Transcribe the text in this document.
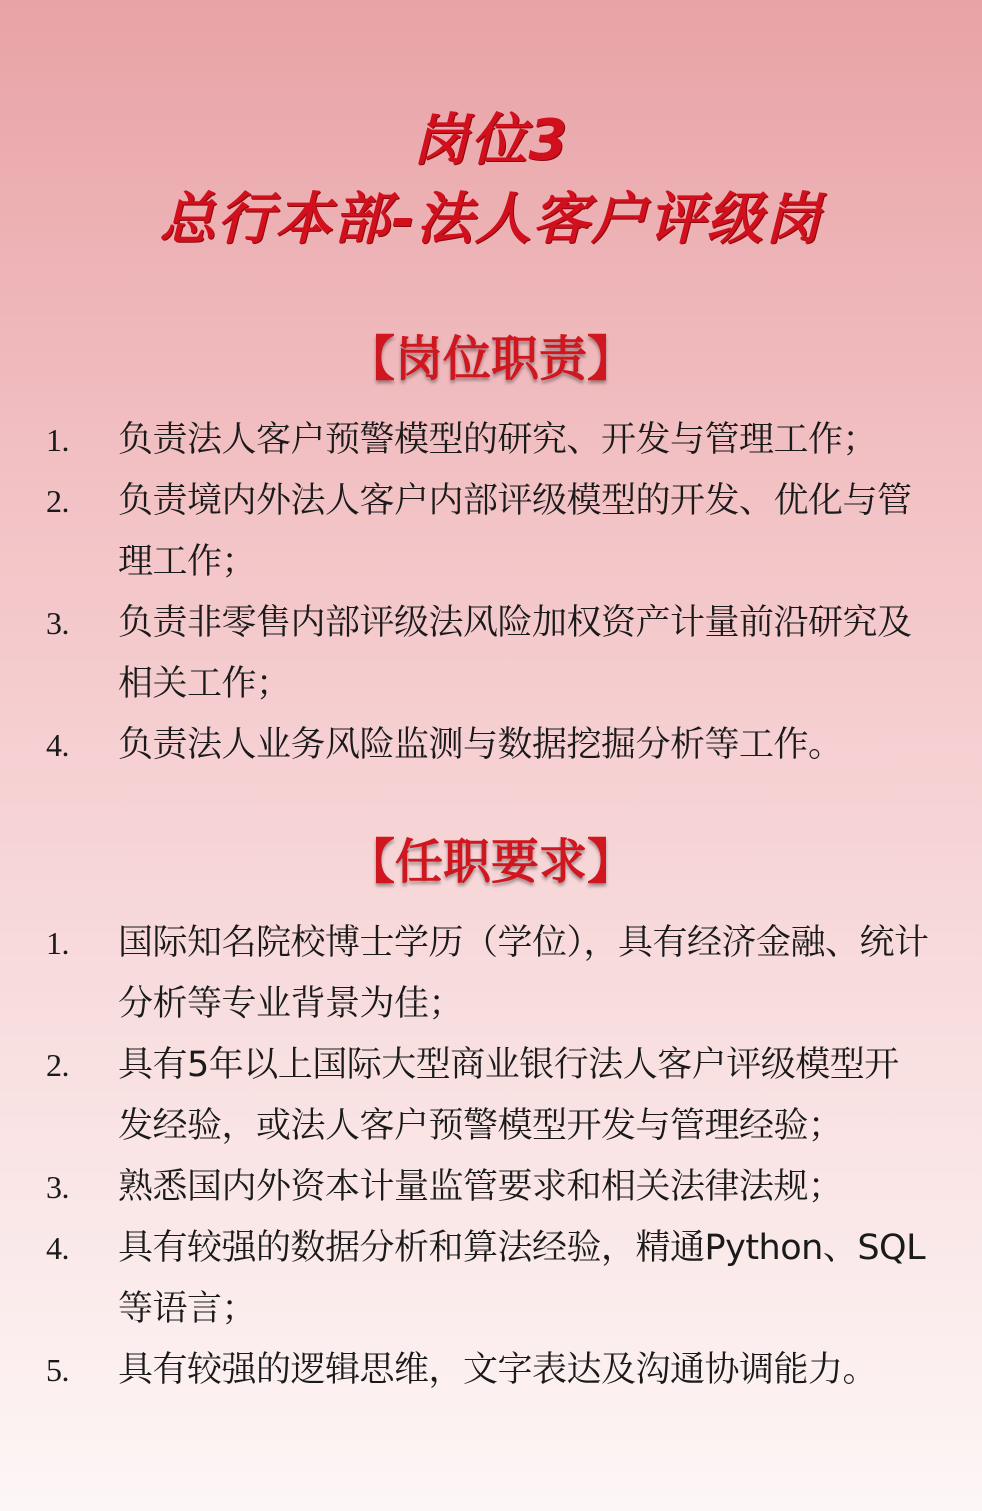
岗位3
总行本部-法人客户评级岗
【岗位职责】
1. 负责法人客户预警模型的研究、开发与管理工作；
2. 负责境内外法人客户内部评级模型的开发、优化与管理工作；
3. 负责非零售内部评级法风险加权资产计量前沿研究及相关工作；
4. 负责法人业务风险监测与数据挖掘分析等工作。
【任职要求】
1. 国际知名院校博士学历（学位），具有经济金融、统计分析等专业背景为佳；
2. 具有5年以上国际大型商业银行法人客户评级模型开发经验，或法人客户预警模型开发与管理经验；
3. 熟悉国内外资本计量监管要求和相关法律法规；
4. 具有较强的数据分析和算法经验，精通Python、SQL等语言；
5. 具有较强的逻辑思维，文字表达及沟通协调能力。
